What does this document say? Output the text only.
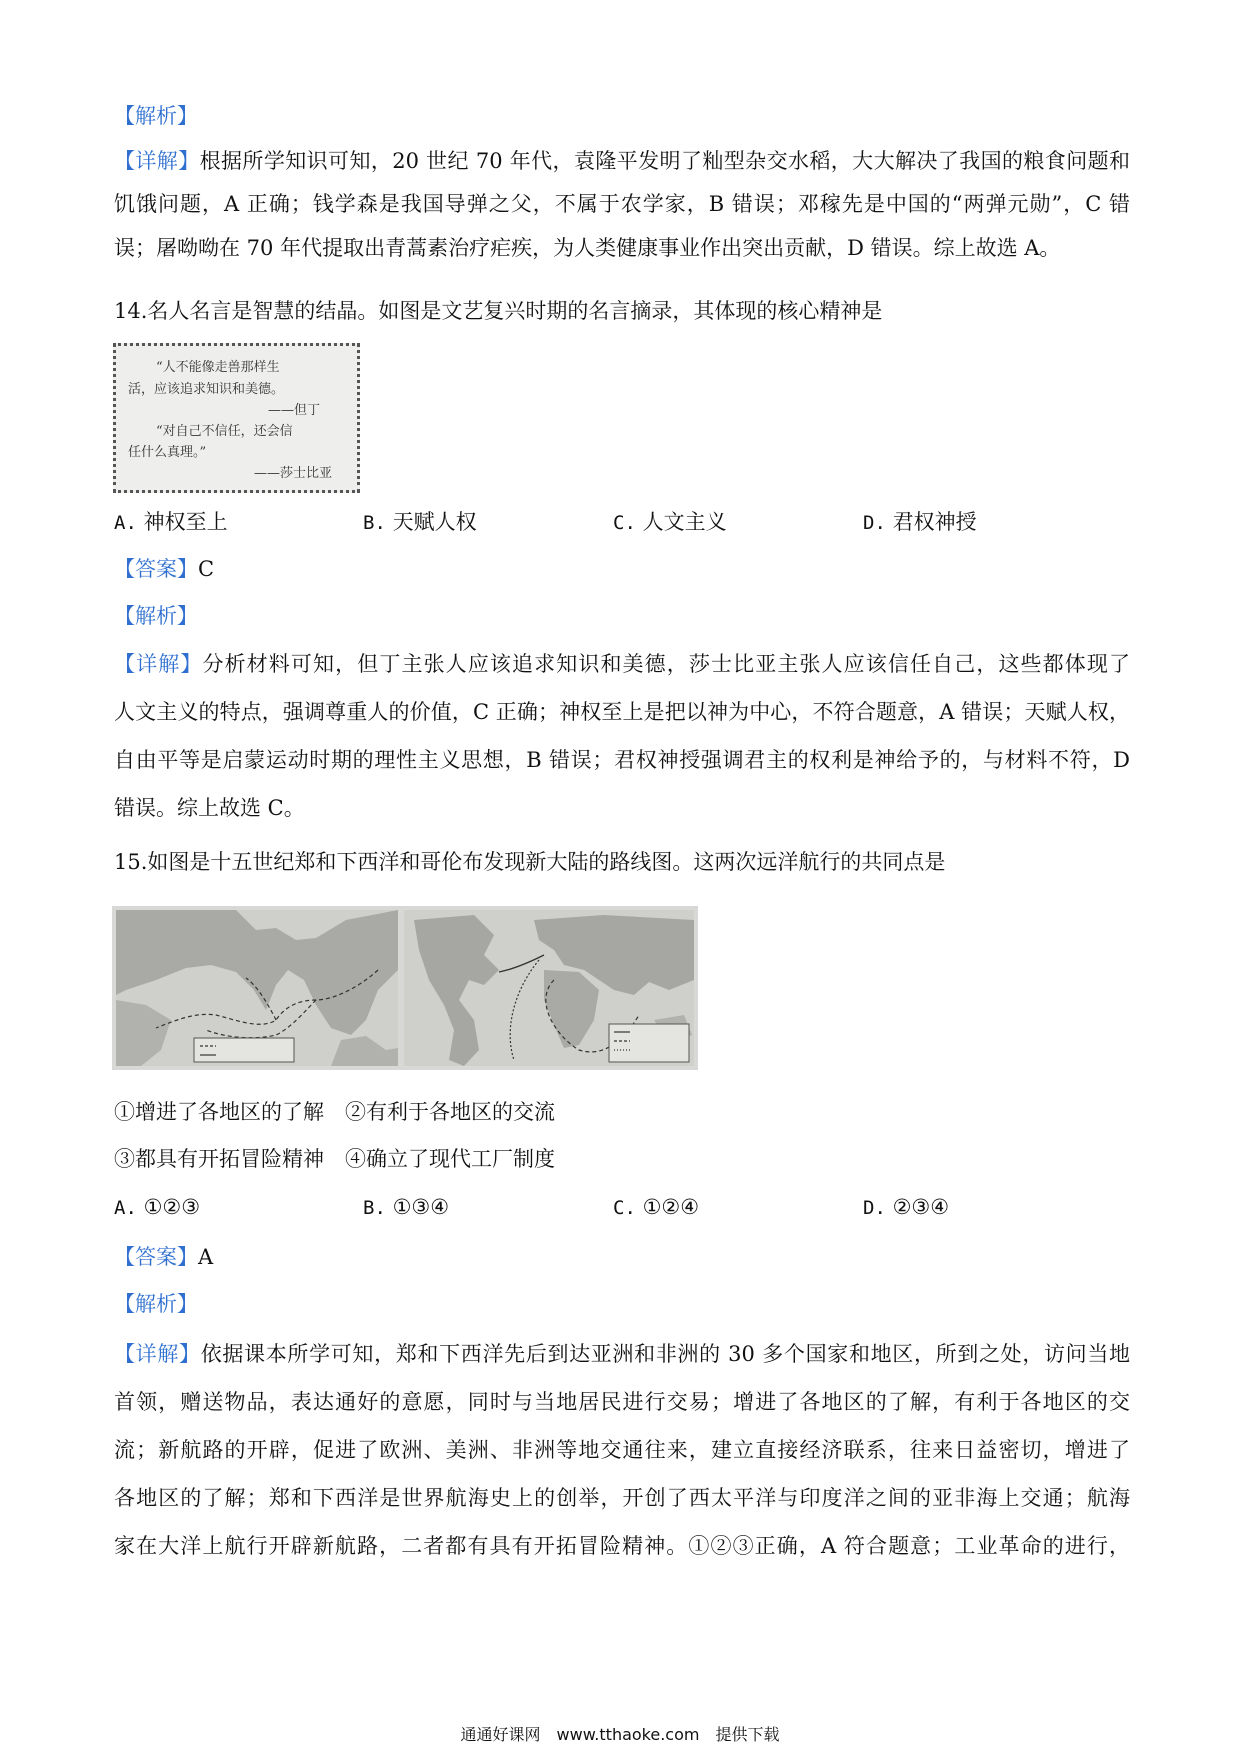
【解析】
【详解】根据所学知识可知，20 世纪 70 年代，袁隆平发明了籼型杂交水稻，大大解决了我国的粮食问题和
饥饿问题，A 正确；钱学森是我国导弹之父，不属于农学家，B 错误；邓稼先是中国的“两弹元勋”，C 错
误；屠呦呦在 70 年代提取出青蒿素治疗疟疾，为人类健康事业作出突出贡献，D 错误。综上故选 A。
14.名人名言是智慧的结晶。如图是文艺复兴时期的名言摘录，其体现的核心精神是
“人不能像走兽那样生
活，应该追求知识和美德。
——但丁
“对自己不信任，还会信
任什么真理。”
——莎士比亚
A. 神权至上	B. 天赋人权	C. 人文主义	D. 君权神授
【答案】C
【解析】
【详解】分析材料可知，但丁主张人应该追求知识和美德，莎士比亚主张人应该信任自己，这些都体现了
人文主义的特点，强调尊重人的价值，C 正确；神权至上是把以神为中心，不符合题意，A 错误；天赋人权，
自由平等是启蒙运动时期的理性主义思想，B 错误；君权神授强调君主的权利是神给予的，与材料不符，D
错误。综上故选 C。
15.如图是十五世纪郑和下西洋和哥伦布发现新大陆的路线图。这两次远洋航行的共同点是
①增进了各地区的了解　②有利于各地区的交流
③都具有开拓冒险精神　④确立了现代工厂制度
A. ①②③	B. ①③④	C. ①②④	D. ②③④
【答案】A
【解析】
【详解】依据课本所学可知，郑和下西洋先后到达亚洲和非洲的 30 多个国家和地区，所到之处，访问当地
首领，赠送物品，表达通好的意愿，同时与当地居民进行交易；增进了各地区的了解，有利于各地区的交
流；新航路的开辟，促进了欧洲、美洲、非洲等地交通往来，建立直接经济联系，往来日益密切，增进了
各地区的了解；郑和下西洋是世界航海史上的创举，开创了西太平洋与印度洋之间的亚非海上交通；航海
家在大洋上航行开辟新航路，二者都有具有开拓冒险精神。①②③正确，A 符合题意；工业革命的进行，
通通好课网　www.tthaoke.com　提供下载
